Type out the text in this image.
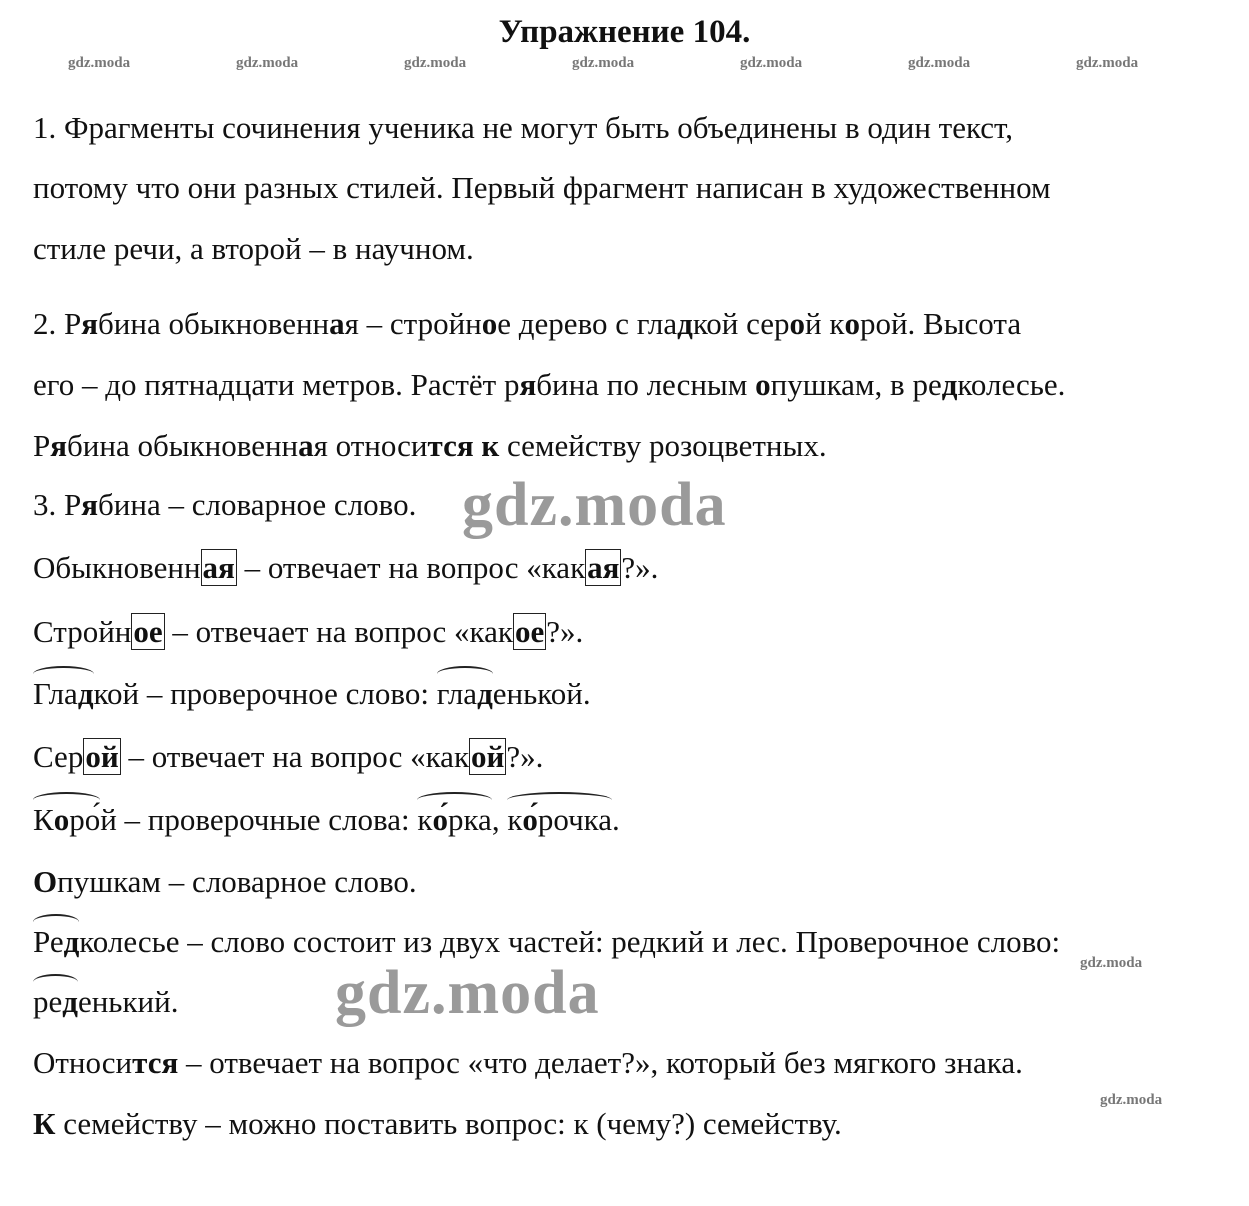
Упражнение 104.
gdz.moda	gdz.moda	gdz.moda	gdz.moda	gdz.moda	gdz.moda	gdz.moda
1. Фрагменты сочинения ученика не могут быть объединены в один текст,
потому что они разных стилей. Первый фрагмент написан в художественном
стиле речи, а второй – в научном.
2. Рябина обыкновенная – стройное дерево с гладкой серой корой. Высота
его – до пятнадцати метров. Растёт рябина по лесным опушкам, в редколесье.
Рябина обыкновенная относится к семейству розоцветных.
gdz.moda
3. Рябина – словарное слово.
Обыкновенная – отвечает на вопрос «какая?».
Стройное – отвечает на вопрос «какое?».
Гладкой – проверочное слово: гладенькой.
Серой – отвечает на вопрос «какой?».
Коро́й – проверочные слова: ко́рка, ко́рочка.
Опушкам – словарное слово.
Редколесье – слово состоит из двух частей: редкий и лес. Проверочное слово:
gdz.moda
реденький.	gdz.moda
Относится – отвечает на вопрос «что делает?», который без мягкого знака.
gdz.moda
К семейству – можно поставить вопрос: к (чему?) семейству.
